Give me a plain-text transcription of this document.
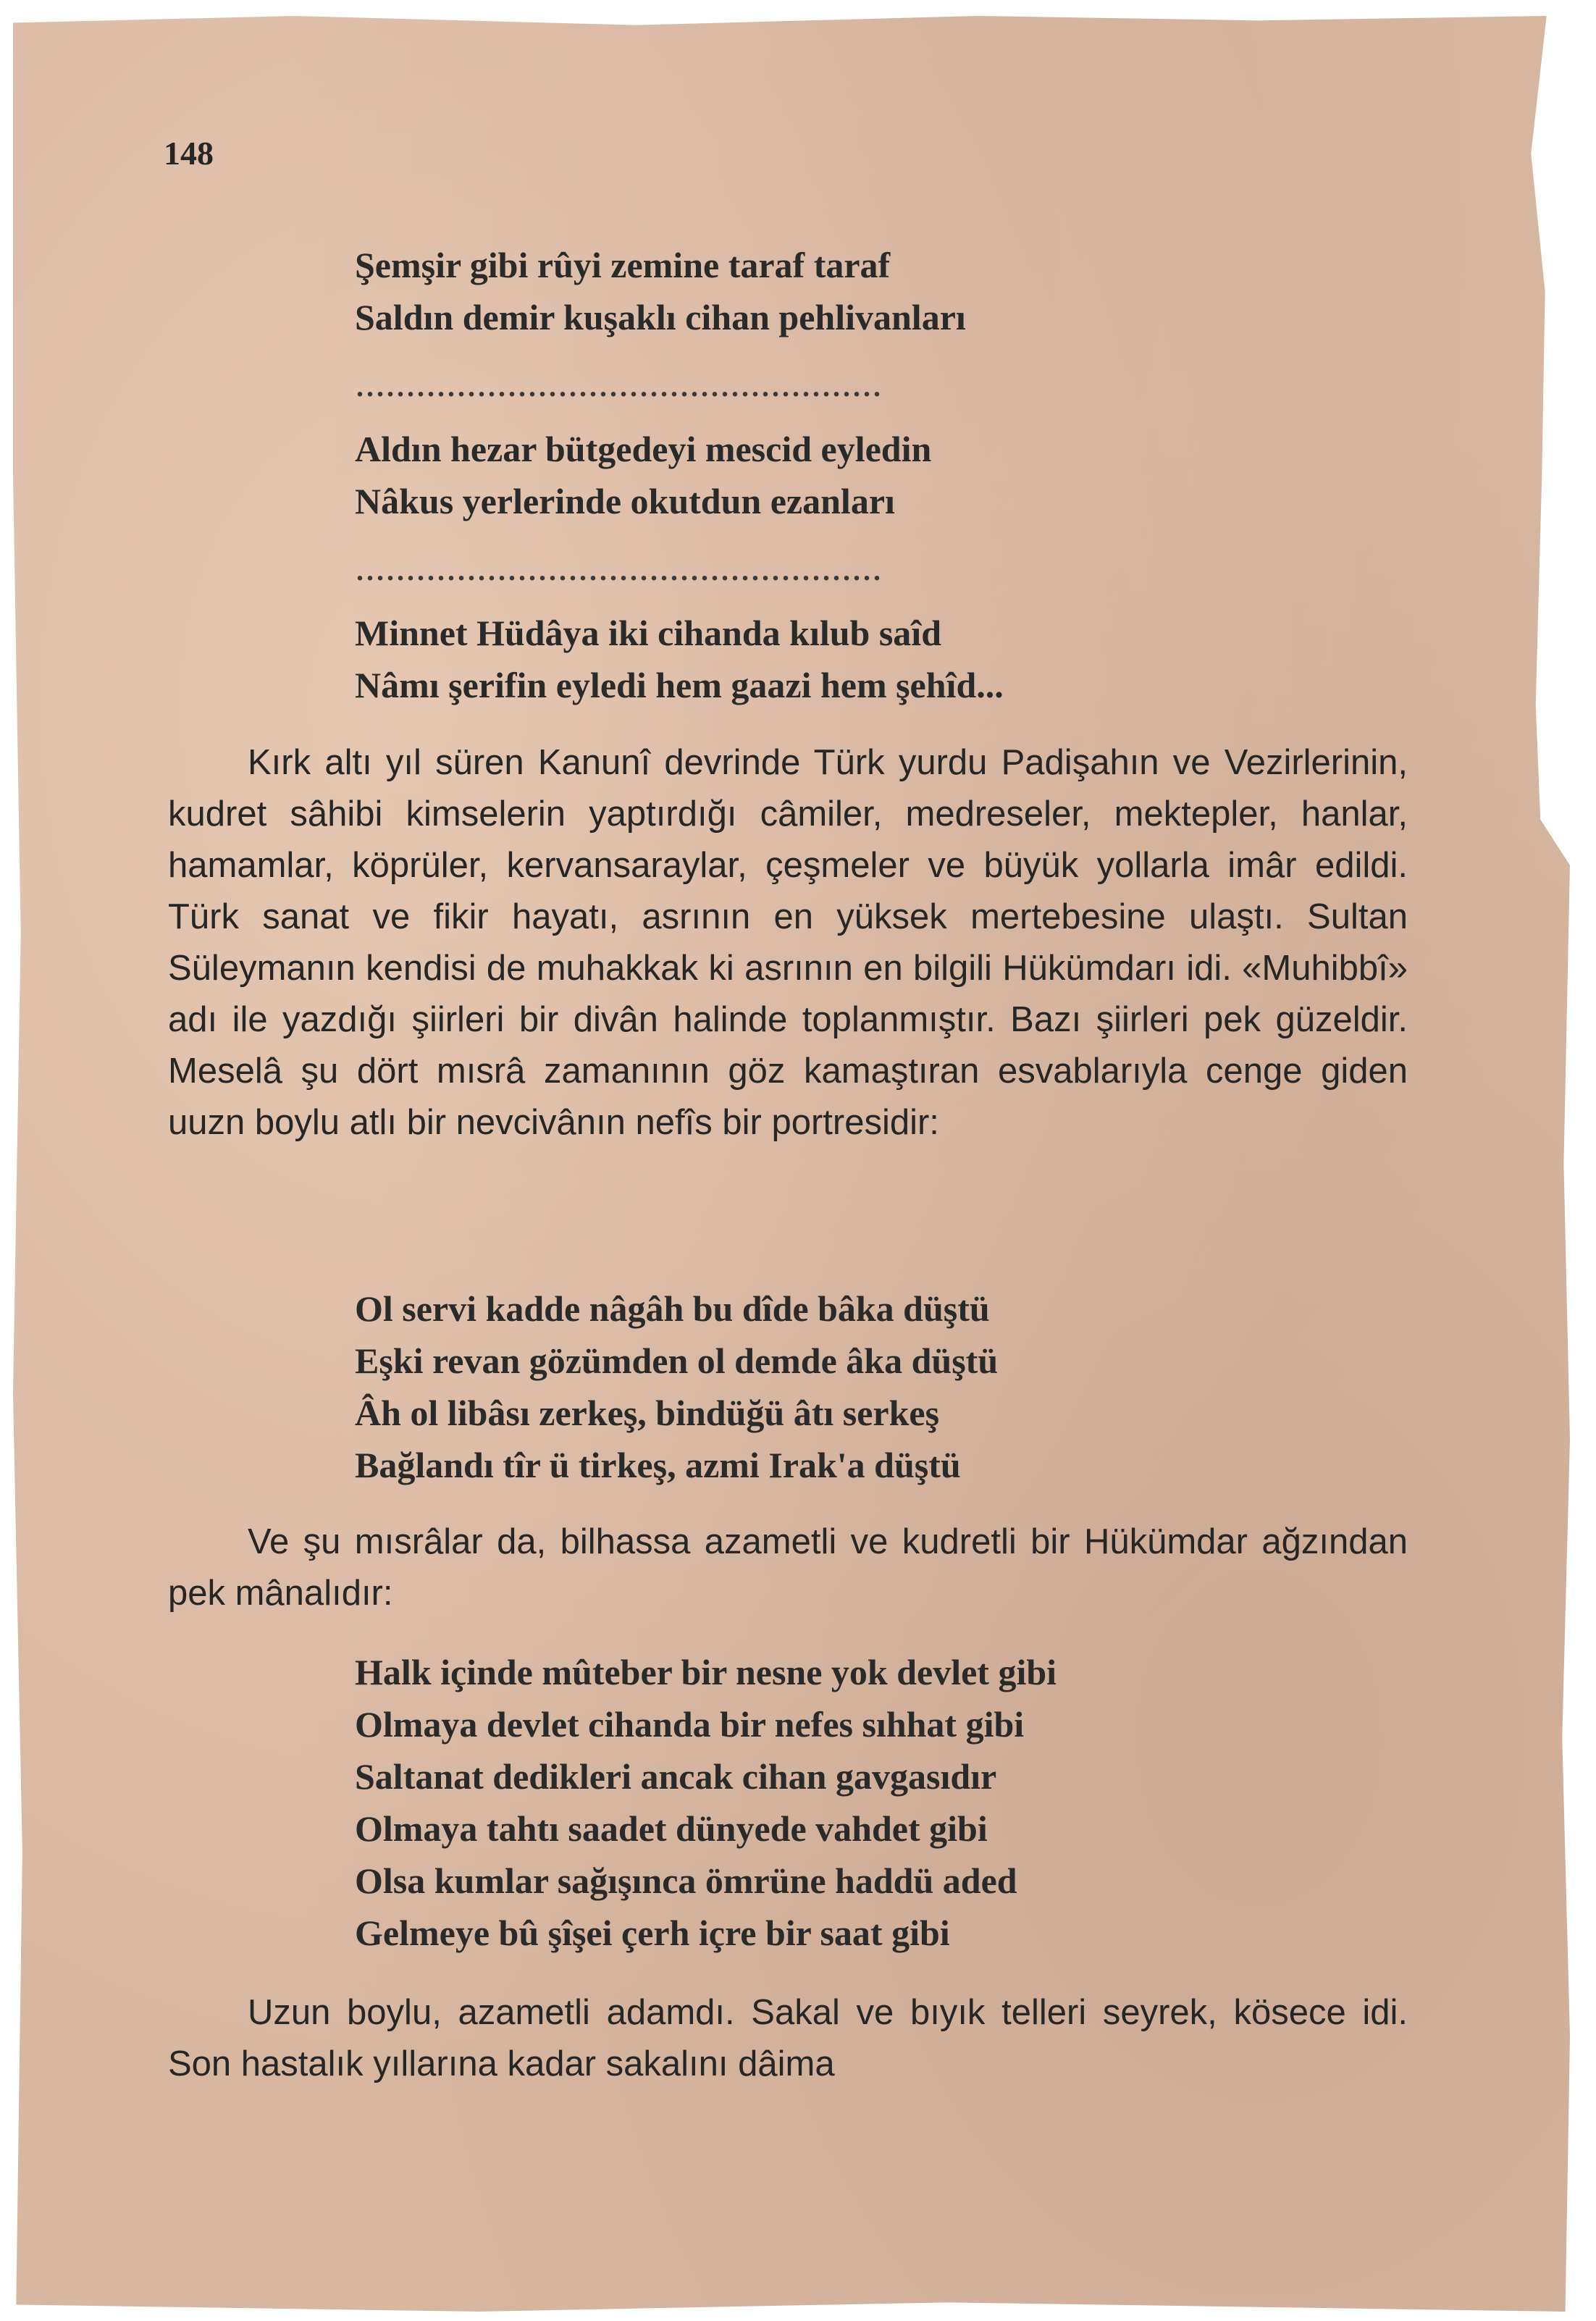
148
Şemşir gibi rûyi zemine taraf taraf
Saldın demir kuşaklı cihan pehlivanları
....................................................
Aldın hezar bütgedeyi mescid eyledin
Nâkus yerlerinde okutdun ezanları
....................................................
Minnet Hüdâya iki cihanda kılub saîd
Nâmı şerifin eyledi hem gaazi hem şehîd...

Kırk altı yıl süren Kanunî devrinde Türk yurdu Padişahın ve Vezirlerinin, kudret sâhibi kimselerin yaptırdığı câmiler, medreseler, mektepler, hanlar, hamamlar, köprüler, kervansaraylar, çeşmeler ve büyük yollarla imâr edildi. Türk sanat ve fikir hayatı, asrının en yüksek mertebesine ulaştı. Sultan Süleymanın kendisi de muhakkak ki asrının en bilgili Hükümdarı idi. «Muhibbî» adı ile yazdığı şiirleri bir divân halinde toplanmıştır. Bazı şiirleri pek güzeldir. Meselâ şu dört mısrâ zamanının göz kamaştıran esvablarıyla cenge giden uuzn boylu atlı bir nevcivânın nefîs bir portresidir:

Ol servi kadde nâgâh bu dîde bâka düştü
Eşki revan gözümden ol demde âka düştü
Âh ol libâsı zerkeş, bindüğü âtı serkeş
Bağlandı tîr ü tirkeş, azmi Irak'a düştü

Ve şu mısrâlar da, bilhassa azametli ve kudretli bir Hükümdar ağzından pek mânalıdır:

Halk içinde mûteber bir nesne yok devlet gibi
Olmaya devlet cihanda bir nefes sıhhat gibi
Saltanat dedikleri ancak cihan gavgasıdır
Olmaya tahtı saadet dünyede vahdet gibi
Olsa kumlar sağışınca ömrüne haddü aded
Gelmeye bû şîşei çerh içre bir saat gibi

Uzun boylu, azametli adamdı. Sakal ve bıyık telleri seyrek, kösece idi. Son hastalık yıllarına kadar sakalını dâima
